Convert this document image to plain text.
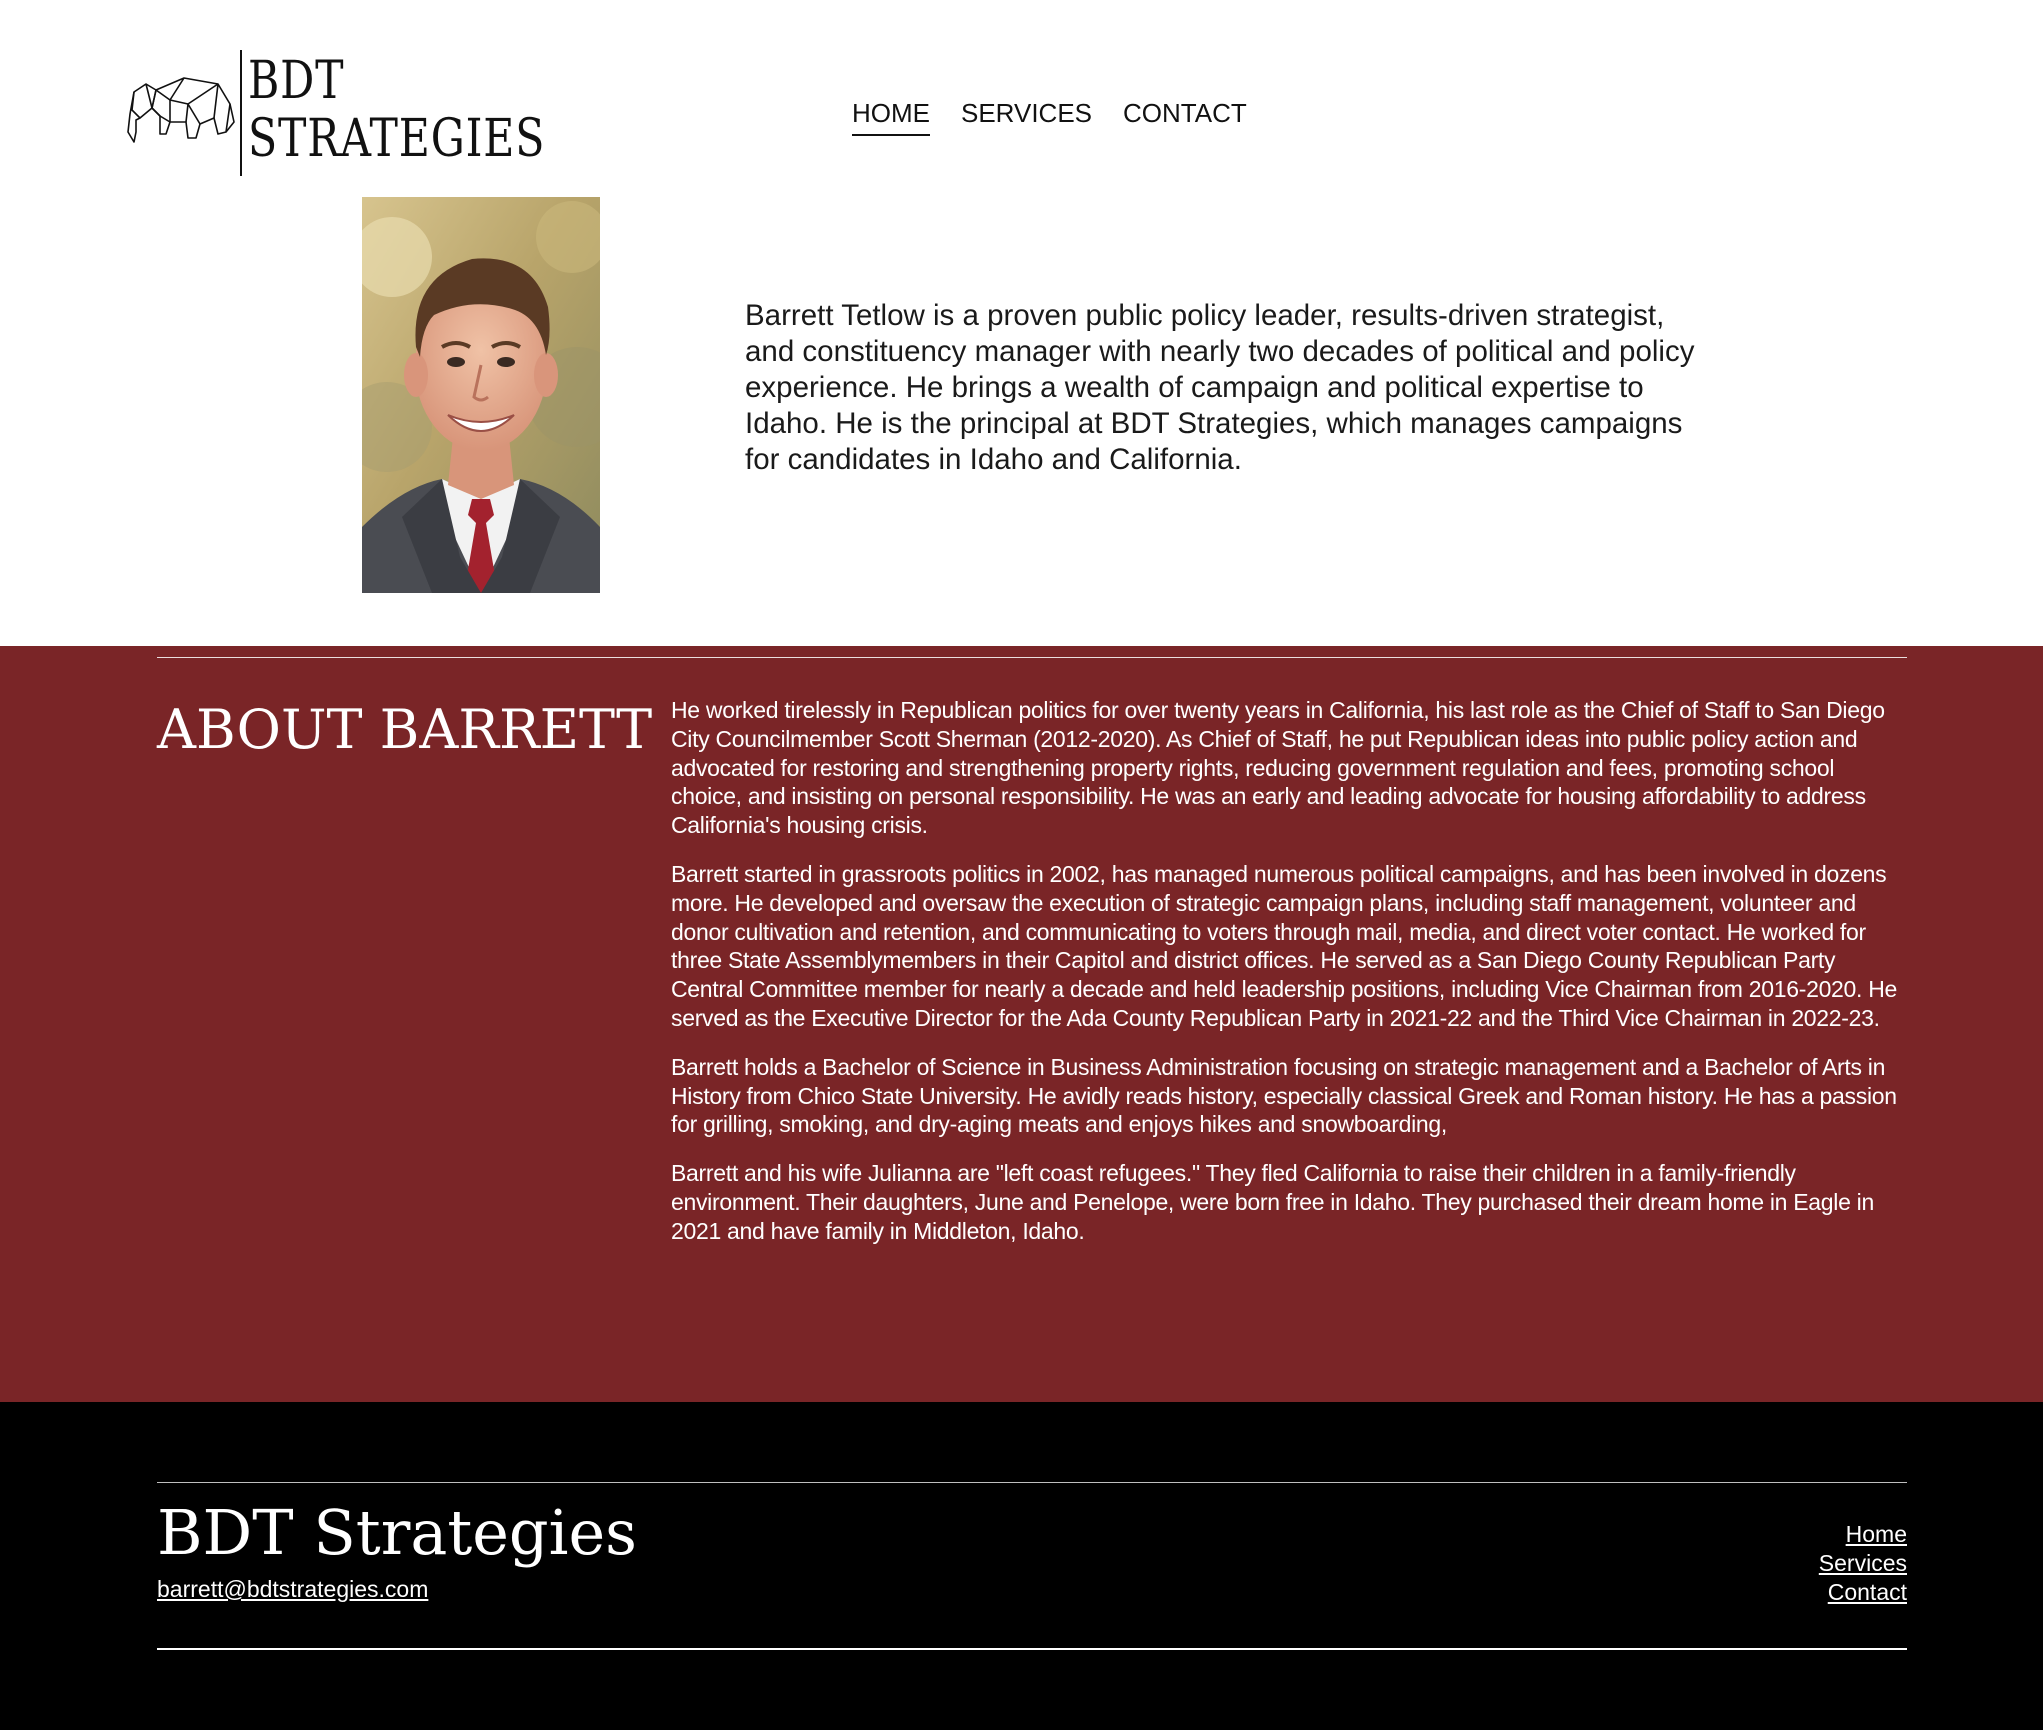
BDT
STRATEGIES	HOME SERVICES CONTACT

Barrett Tetlow is a proven public policy leader, results-driven strategist, and constituency manager with nearly two decades of political and policy experience. He brings a wealth of campaign and political expertise to Idaho. He is the principal at BDT Strategies, which manages campaigns for candidates in Idaho and California.

ABOUT BARRETT He worked tirelessly in Republican politics for over twenty years in California, his last role as the Chief of Staff to San Diego City Councilmember Scott Sherman (2012-2020). As Chief of Staff, he put Republican ideas into public policy action and advocated for restoring and strengthening property rights, reducing government regulation and fees, promoting school choice, and insisting on personal responsibility. He was an early and leading advocate for housing affordability to address California's housing crisis.

Barrett started in grassroots politics in 2002, has managed numerous political campaigns, and has been involved in dozens more. He developed and oversaw the execution of strategic campaign plans, including staff management, volunteer and donor cultivation and retention, and communicating to voters through mail, media, and direct voter contact. He worked for three State Assemblymembers in their Capitol and district offices. He served as a San Diego County Republican Party Central Committee member for nearly a decade and held leadership positions, including Vice Chairman from 2016-2020. He served as the Executive Director for the Ada County Republican Party in 2021-22 and the Third Vice Chairman in 2022-23.

Barrett holds a Bachelor of Science in Business Administration focusing on strategic management and a Bachelor of Arts in History from Chico State University. He avidly reads history, especially classical Greek and Roman history. He has a passion for grilling, smoking, and dry-aging meats and enjoys hikes and snowboarding,

Barrett and his wife Julianna are "left coast refugees." They fled California to raise their children in a family-friendly environment. Their daughters, June and Penelope, were born free in Idaho. They purchased their dream home in Eagle in 2021 and have family in Middleton, Idaho.

BDT Strategies
barrett@bdtstrategies.com
Home
Services
Contact
